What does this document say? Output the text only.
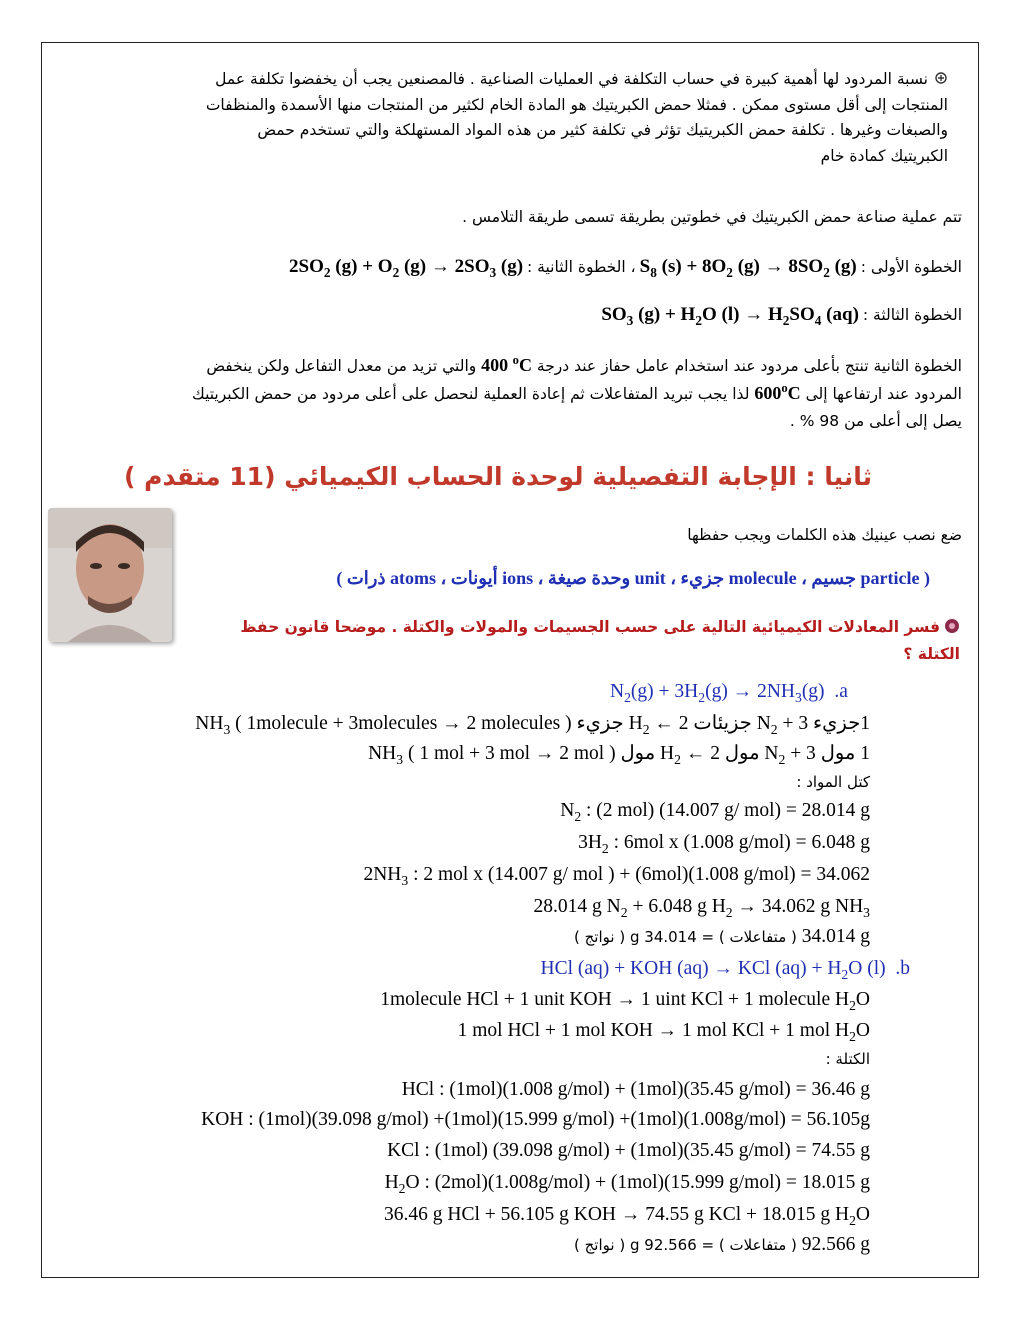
نسبة المردود لها أهمية كبيرة في حساب التكلفة في العمليات الصناعية . فالمصنعين يجب أن يخفضوا تكلفة عمل
المنتجات إلى أقل مستوى ممكن . فمثلا حمض الكبريتيك هو المادة الخام لكثير من المنتجات منها الأسمدة والمنظفات
والصبغات وغيرها . تكلفة حمض الكبريتيك تؤثر في تكلفة كثير من هذه المواد المستهلكة والتي تستخدم حمض
الكبريتيك كمادة خام
تتم عملية صناعة حمض الكبريتيك في خطوتين بطريقة تسمى طريقة التلامس .
الخطوة الأولى : $S_8$ $(s) + 8O_2$ $(g) \to 8SO_2$ (g) ، الخطوة الثانية : $2SO_2$ $(g) + O_2$ $(g) \to 2SO_3$ (g)
الخطوة الثالثة : $SO_3$ $(g) + H_2O$ $(l) \to H_2SO_4$ (aq)
الخطوة الثانية تنتج بأعلى مردود عند استخدام عامل حفاز عند درجة 400 $^o$C والتي تزيد من معدل التفاعل ولكن ينخفض
المردود عند ارتفاعها إلى 600$^o$C لذا يجب تبريد المتفاعلات ثم إعادة العملية لنحصل على أعلى مردود من حمض الكبريتيك
يصل إلى أعلى من 98 % .
ثانيا : الإجابة التفصيلية لوحدة الحساب الكيميائي (11 متقدم )
ضع نصب عينيك هذه الكلمات ويجب حفظها
( particle جسيم ، molecule جزيء ، unit وحدة صيغة ، ions أيونات ، atoms ذرات )
فسر المعادلات الكيميائية التالية على حسب الجسيمات والمولات والكتلة . موضحا قانون حفظ الكتلة ؟
$N_2(g) + 3H_2(g) \to 2NH_3(g)$  .a
1جزيء $N_2 + 3$ جزيئات $H_2$ ← 2 جزيء $NH_3$ ( 1molecule + 3molecules → 2 molecules )
1 مول $N_2 + 3$ مول $H_2$ ← 2 مول $NH_3$ ( 1 mol + 3 mol → 2 mol )
كتل المواد :
$N_2$ : (2 mol) (14.007 g/ mol) = 28.014 g
$3H_2$ : 6mol x (1.008 g/mol) = 6.048 g
$2NH_3$ : 2 mol x (14.007 g/ mol ) + (6mol)(1.008 g/mol) = 34.062
28.014 g $N_2 + 6.048$ g $H_2 \to 34.062$ g $NH_3$
34.014 g ( متفاعلات ) = 34.014 g ( نواتج )
HCl (aq) + KOH (aq) → KCl $(aq) + H_2O$ (l)  .b
1molecule HCl + 1 unit KOH → 1 uint KCl + 1 molecule $H_2O$
1 mol HCl + 1 mol KOH → 1 mol KCl + 1 mol $H_2O$
الكتلة :
HCl : (1mol)(1.008 g/mol) + (1mol)(35.45 g/mol) = 36.46 g
KOH : (1mol)(39.098 g/mol) +(1mol)(15.999 g/mol) +(1mol)(1.008g/mol) = 56.105g
KCl : (1mol) (39.098 g/mol) + (1mol)(35.45 g/mol) = 74.55 g
$H_2O$ : (2mol)(1.008g/mol) + (1mol)(15.999 g/mol) = 18.015 g
36.46 g HCl + 56.105 g KOH → 74.55 g KCl + 18.015 g $H_2O$
92.566 g ( متفاعلات ) = 92.566 g ( نواتج )
